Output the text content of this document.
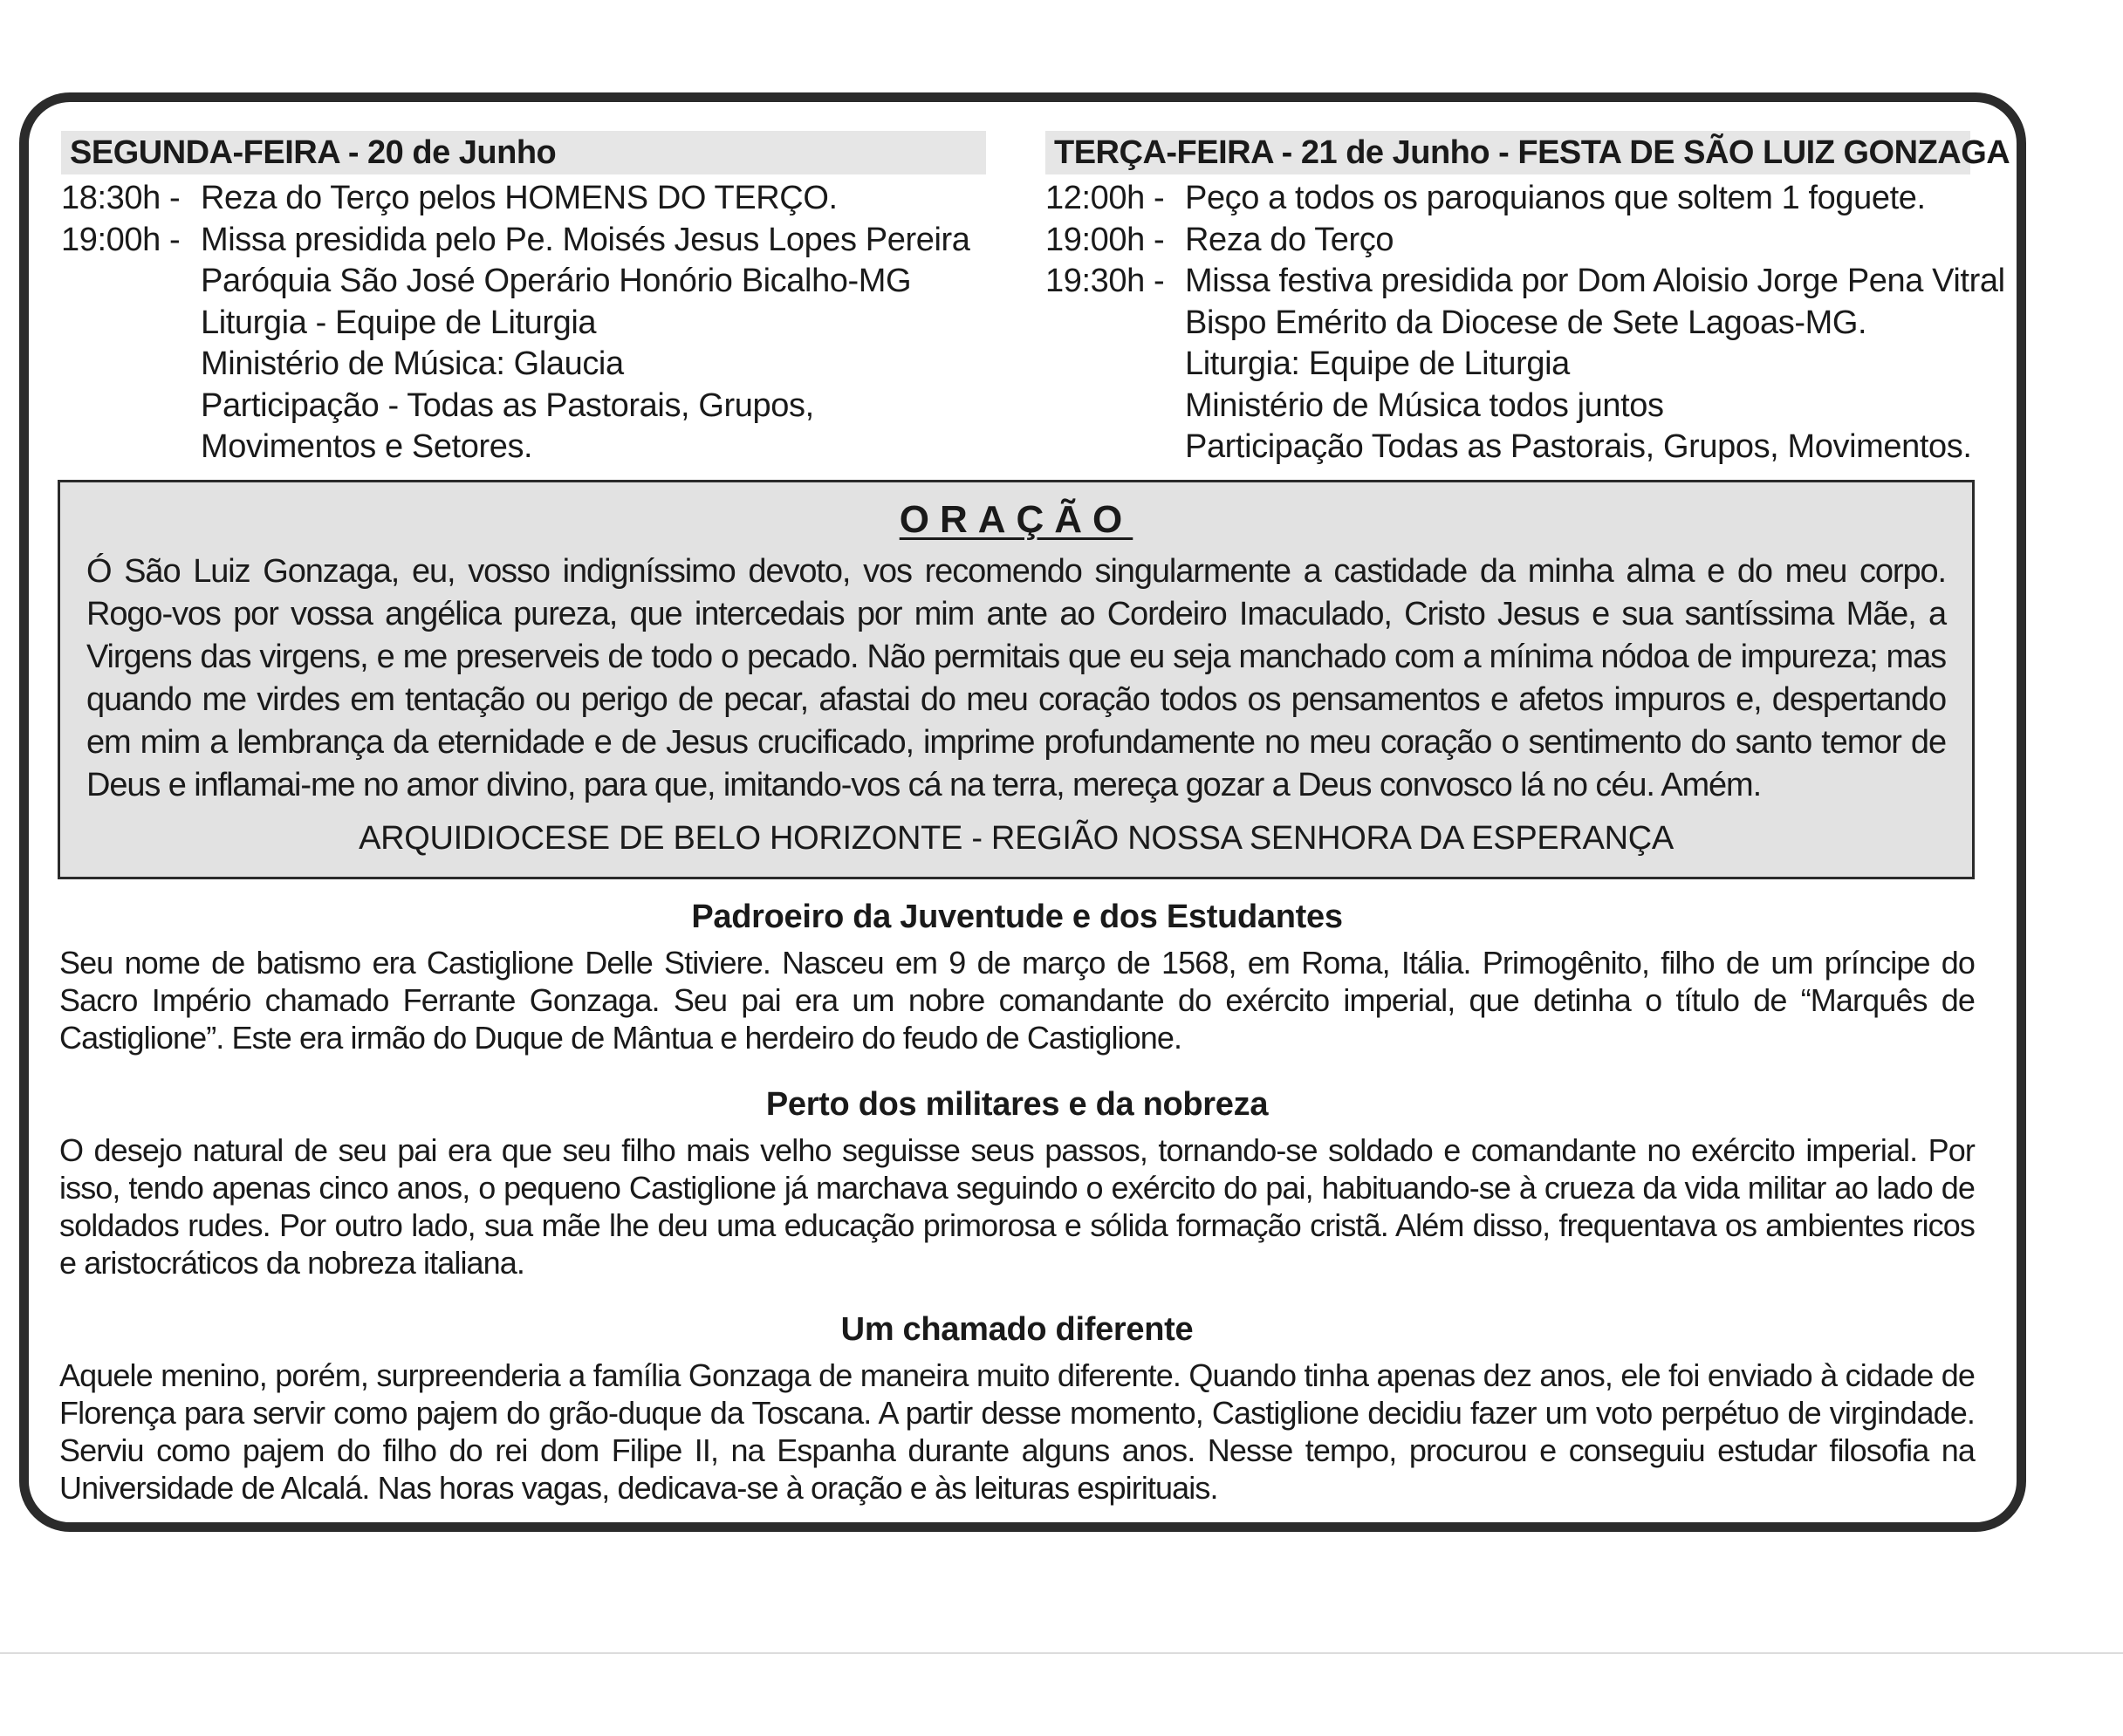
SEGUNDA-FEIRA - 20 de Junho
18:30h - Reza do Terço pelos HOMENS DO TERÇO.
19:00h - Missa presidida pelo Pe. Moisés Jesus Lopes Pereira
Paróquia São José Operário Honório Bicalho-MG
Liturgia - Equipe de Liturgia
Ministério de Música: Glaucia
Participação - Todas as Pastorais, Grupos,
Movimentos e Setores.
TERÇA-FEIRA - 21 de Junho - FESTA DE SÃO LUIZ GONZAGA
12:00h - Peço a todos os paroquianos que soltem 1 foguete.
19:00h - Reza do Terço
19:30h - Missa festiva presidida por Dom Aloisio Jorge Pena Vitral
Bispo Emérito da Diocese de Sete Lagoas-MG.
Liturgia: Equipe de Liturgia
Ministério de Música todos juntos
Participação Todas as Pastorais, Grupos, Movimentos.
ORAÇÃO
Ó São Luiz Gonzaga, eu, vosso indigníssimo devoto, vos recomendo singularmente a castidade da minha alma e do meu corpo. Rogo-vos por vossa angélica pureza, que intercedais por mim ante ao Cordeiro Imaculado, Cristo Jesus e sua santíssima Mãe, a Virgens das virgens, e me preserveis de todo o pecado. Não permitais que eu seja manchado com a mínima nódoa de impureza; mas quando me virdes em tentação ou perigo de pecar, afastai do meu coração todos os pensamentos e afetos impuros e, despertando em mim a lembrança da eternidade e de Jesus crucificado, imprime profundamente no meu coração o sentimento do santo temor de Deus e inflamai-me no amor divino, para que, imitando-vos cá na terra, mereça gozar a Deus convosco lá no céu. Amém.
ARQUIDIOCESE DE BELO HORIZONTE - REGIÃO NOSSA SENHORA DA ESPERANÇA
Padroeiro da Juventude e dos Estudantes
Seu nome de batismo era Castiglione Delle Stiviere. Nasceu em 9 de março de 1568, em Roma, Itália. Primogênito, filho de um príncipe do Sacro Império chamado Ferrante Gonzaga. Seu pai era um nobre comandante do exército imperial, que detinha o título de “Marquês de Castiglione”. Este era irmão do Duque de Mântua e herdeiro do feudo de Castiglione.
Perto dos militares e da nobreza
O desejo natural de seu pai era que seu filho mais velho seguisse seus passos, tornando-se soldado e comandante no exército imperial. Por isso, tendo apenas cinco anos, o pequeno Castiglione já marchava seguindo o exército do pai, habituando-se à crueza da vida militar ao lado de soldados rudes. Por outro lado, sua mãe lhe deu uma educação primorosa e sólida formação cristã. Além disso, frequentava os ambientes ricos e aristocráticos da nobreza italiana.
Um chamado diferente
Aquele menino, porém, surpreenderia a família Gonzaga de maneira muito diferente. Quando tinha apenas dez anos, ele foi enviado à cidade de Florença para servir como pajem do grão-duque da Toscana. A partir desse momento, Castiglione decidiu fazer um voto perpétuo de virgindade. Serviu como pajem do filho do rei dom Filipe II, na Espanha durante alguns anos. Nesse tempo, procurou e conseguiu estudar filosofia na Universidade de Alcalá. Nas horas vagas, dedicava-se à oração e às leituras espirituais.
